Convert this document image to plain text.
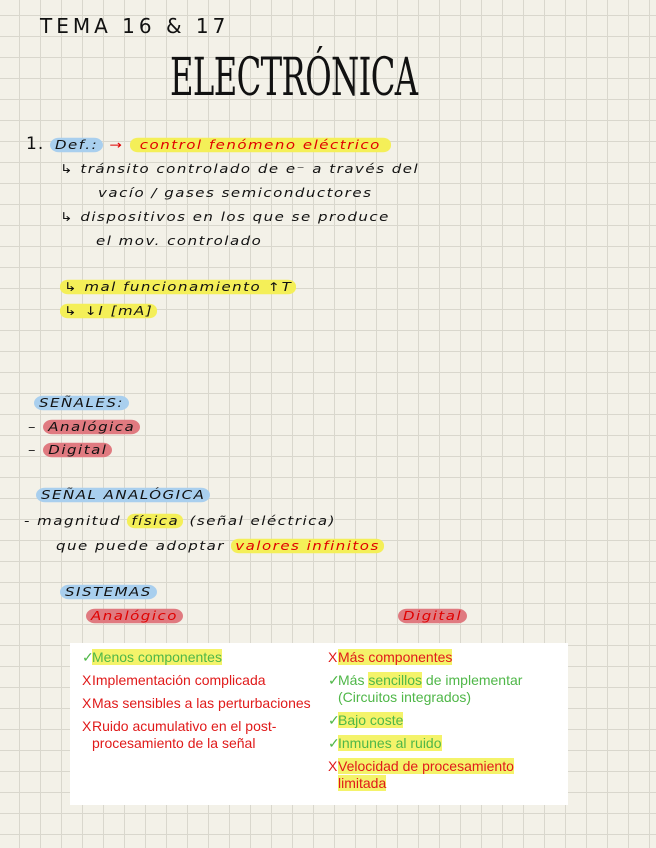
TEMA 16 & 17
ELECTRÓNICA
1. Def.: → control fenómeno eléctrico
↳ tránsito controlado de e⁻ a través del
vacío / gases semiconductores
↳ dispositivos en los que se produce
el mov. controlado
↳ mal funcionamiento ↑T
↳ ↓I [mA]
SEÑALES:
– Analógica
– Digital
SEÑAL ANALÓGICA
- magnitud física (señal eléctrica)
que puede adoptar valores infinitos
SISTEMAS
Analógico	Digital
✓
Menos componentes
X Implementación complicada
X Mas sensibles a las perturbaciones
X Ruido acumulativo en el post-procesamiento de la señal
X Más componentes
✓
Más sencillos de implementar (Circuitos integrados)
✓
Bajo coste
✓
Inmunes al ruido
X Velocidad de procesamiento limitada
